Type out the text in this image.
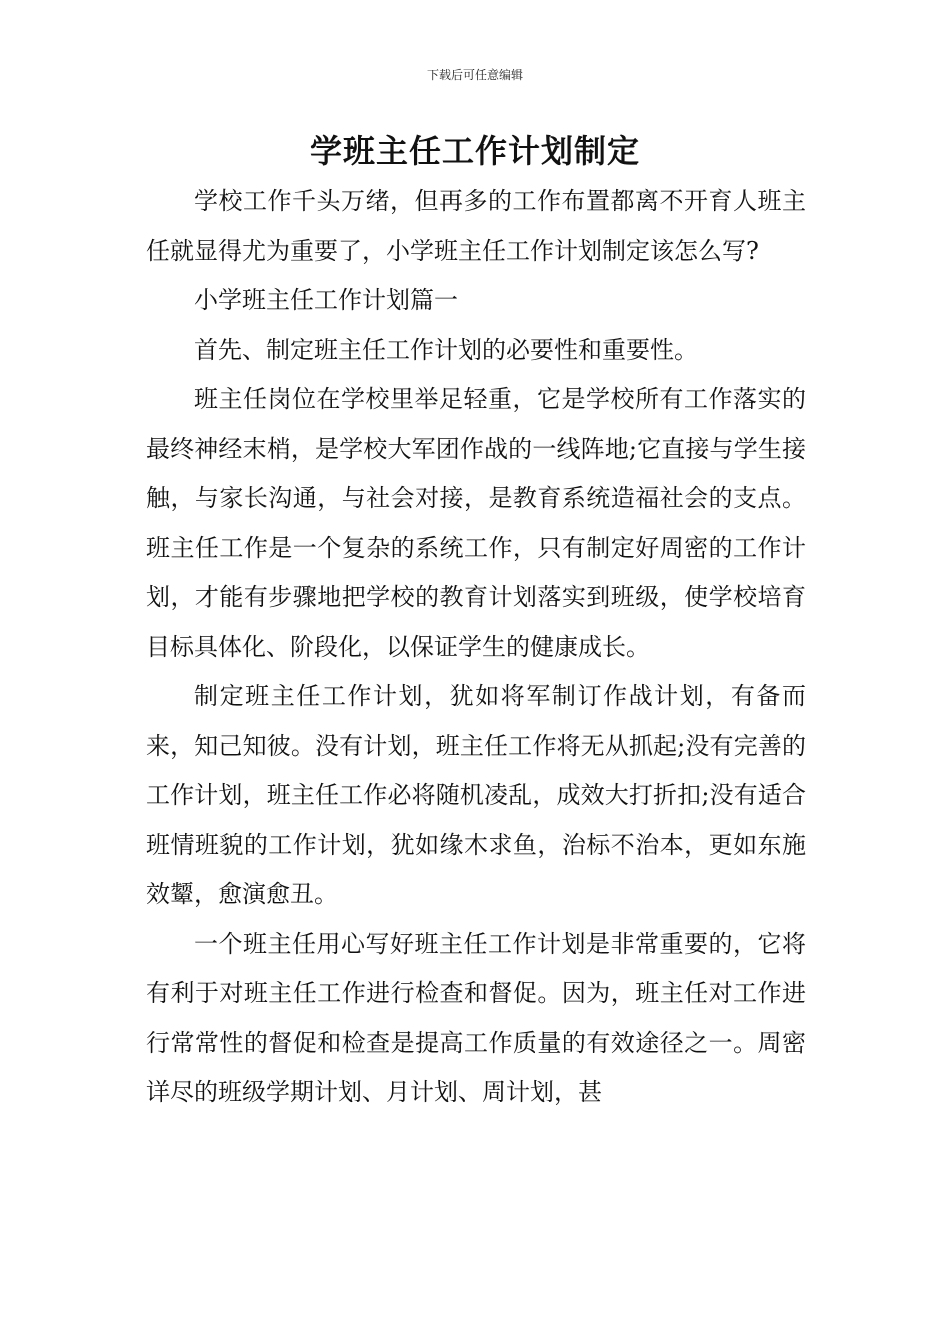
下载后可任意编辑
学班主任工作计划制定

学校工作千头万绪，但再多的工作布置都离不开育人班主任就显得尤为重要了，小学班主任工作计划制定该怎么写?

小学班主任工作计划篇一

首先、制定班主任工作计划的必要性和重要性。

班主任岗位在学校里举足轻重，它是学校所有工作落实的最终神经末梢，是学校大军团作战的一线阵地;它直接与学生接触，与家长沟通，与社会对接，是教育系统造福社会的支点。班主任工作是一个复杂的系统工作，只有制定好周密的工作计划，才能有步骤地把学校的教育计划落实到班级，使学校培育目标具体化、阶段化，以保证学生的健康成长。

制定班主任工作计划，犹如将军制订作战计划，有备而来，知己知彼。没有计划，班主任工作将无从抓起;没有完善的工作计划，班主任工作必将随机凌乱，成效大打折扣;没有适合班情班貌的工作计划，犹如缘木求鱼，治标不治本，更如东施效颦，愈演愈丑。

一个班主任用心写好班主任工作计划是非常重要的，它将有利于对班主任工作进行检查和督促。因为，班主任对工作进行常常性的督促和检查是提高工作质量的有效途径之一。周密详尽的班级学期计划、月计划、周计划，甚
